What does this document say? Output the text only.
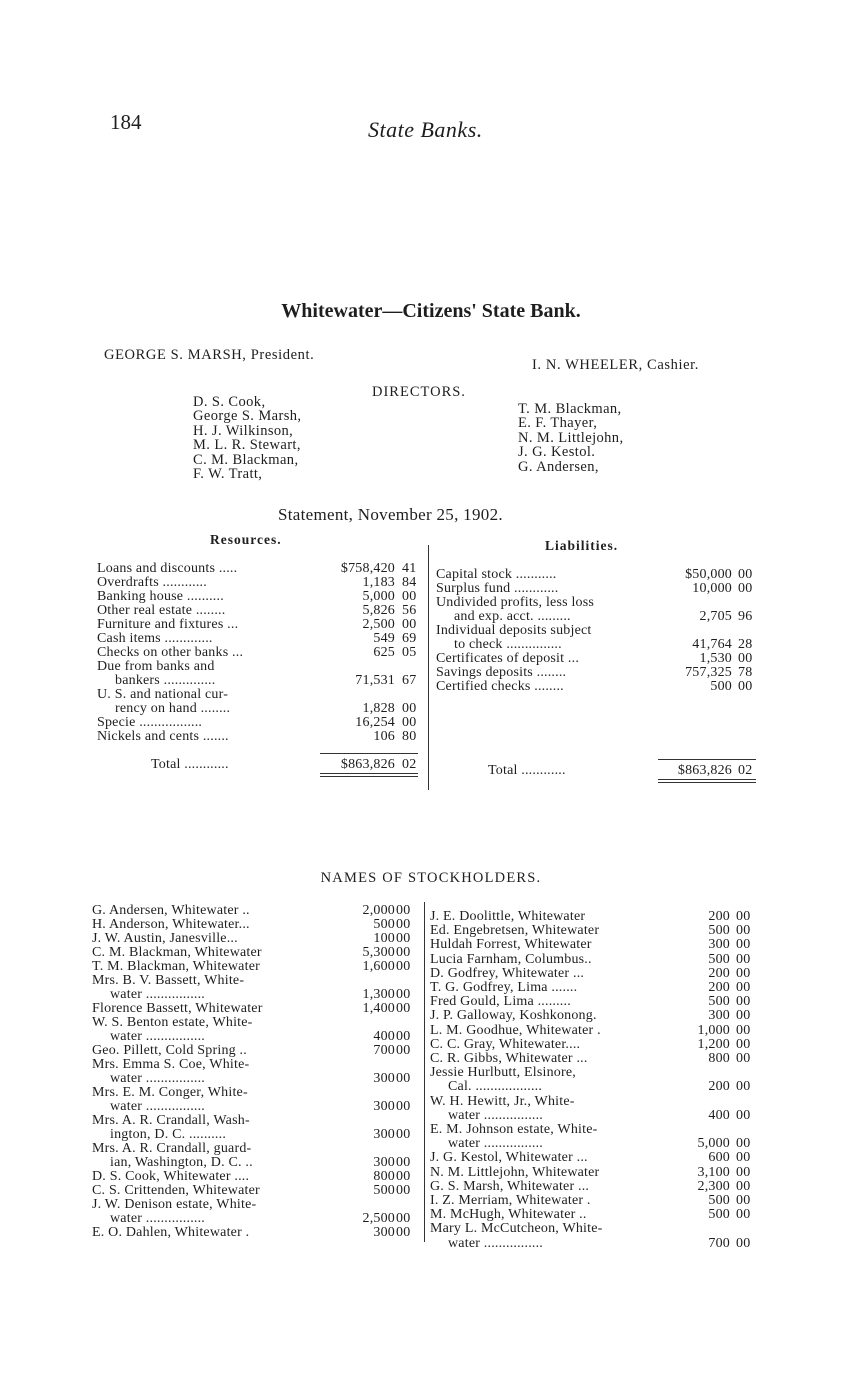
184	State Banks.
Whitewater—Citizens' State Bank.
GEORGE S. MARSH, President.
I. N. WHEELER, Cashier.
DIRECTORS.
D. S. Cook,
George S. Marsh,
H. J. Wilkinson,
M. L. R. Stewart,
C. M. Blackman,
F. W. Tratt,
T. M. Blackman,
E. F. Thayer,
N. M. Littlejohn,
J. G. Kestol.
G. Andersen,
Statement, November 25, 1902.
Resources.	Liabilities.
Loans and discounts .....	$758,420 41
Overdrafts ............	1,183 84
Banking house ..........	5,000 00
Other real estate ........	5,826 56
Furniture and fixtures ...	2,500 00
Cash items .............	549 69
Checks on other banks ...	625 05
Due from banks and
bankers ..............	71,531 67
U. S. and national cur-
rency on hand ........	1,828 00
Specie .................	16,254 00
Nickels and cents .......	106 80
Total ............	$863,826 02
Capital stock ...........	$50,000 00
Surplus fund ............	10,000 00
Undivided profits, less loss
and exp. acct. .........	2,705 96
Individual deposits subject
to check ...............	41,764 28
Certificates of deposit ...	1,530 00
Savings deposits ........	757,325 78
Certified checks ........	500 00
Total ............	$863,826 02
NAMES OF STOCKHOLDERS.
G. Andersen, Whitewater ..	2,000 00
H. Anderson, Whitewater...	500 00
J. W. Austin, Janesville...	100 00
C. M. Blackman, Whitewater	5,300 00
T. M. Blackman, Whitewater	1,600 00
Mrs. B. V. Bassett, White-
water ................	1,300 00
Florence Bassett, Whitewater	1,400 00
W. S. Benton estate, White-
water ................	400 00
Geo. Pillett, Cold Spring ..	700 00
Mrs. Emma S. Coe, White-
water ................	300 00
Mrs. E. M. Conger, White-
water ................	300 00
Mrs. A. R. Crandall, Wash-
ington, D. C. ..........	300 00
Mrs. A. R. Crandall, guard-
ian, Washington, D. C. ..	300 00
D. S. Cook, Whitewater ....	800 00
C. S. Crittenden, Whitewater	500 00
J. W. Denison estate, White-
water ................	2,500 00
E. O. Dahlen, Whitewater .	300 00
J. E. Doolittle, Whitewater	200 00
Ed. Engebretsen, Whitewater	500 00
Huldah Forrest, Whitewater	300 00
Lucia Farnham, Columbus..	500 00
D. Godfrey, Whitewater ...	200 00
T. G. Godfrey, Lima .......	200 00
Fred Gould, Lima .........	500 00
J. P. Galloway, Koshkonong.	300 00
L. M. Goodhue, Whitewater .	1,000 00
C. C. Gray, Whitewater....	1,200 00
C. R. Gibbs, Whitewater ...	800 00
Jessie Hurlbutt, Elsinore,
Cal. ..................	200 00
W. H. Hewitt, Jr., White-
water ................	400 00
E. M. Johnson estate, White-
water ................	5,000 00
J. G. Kestol, Whitewater ...	600 00
N. M. Littlejohn, Whitewater	3,100 00
G. S. Marsh, Whitewater ...	2,300 00
I. Z. Merriam, Whitewater .	500 00
M. McHugh, Whitewater ..	500 00
Mary L. McCutcheon, White-
water ................	700 00
